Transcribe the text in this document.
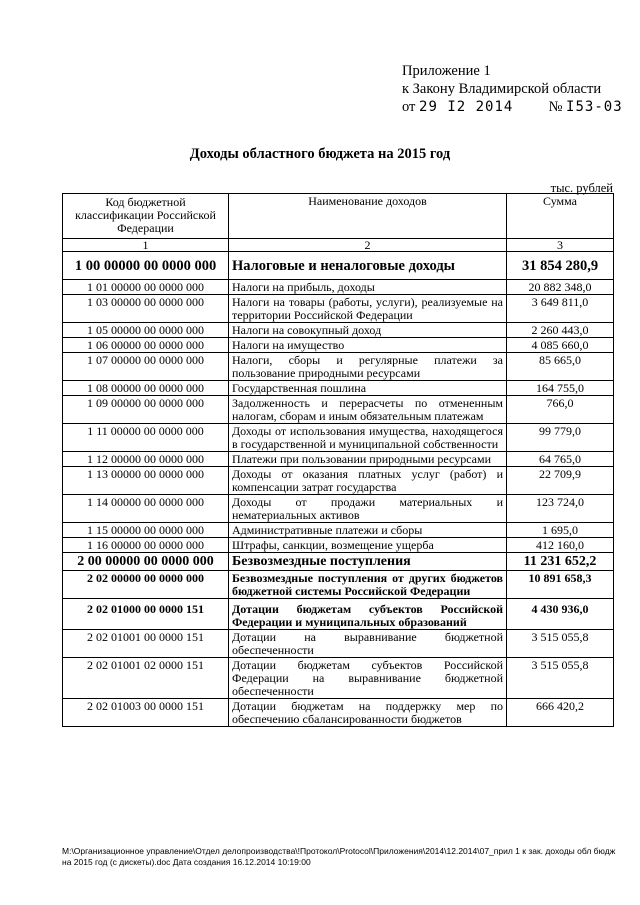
Приложение 1
к Закону Владимирской области
от 29 I2 2014 № I53-03
Доходы областного бюджета на 2015 год
тыс. рублей
Код бюджетной классификации Российской Федерации	Наименование доходов	Сумма
1	2	3
1 00 00000 00 0000 000	Налоговые и неналоговые доходы	31 854 280,9
1 01 00000 00 0000 000	Налоги на прибыль, доходы	20 882 348,0
1 03 00000 00 0000 000	Налоги на товары (работы, услуги), реализуемые на территории Российской Федерации	3 649 811,0
1 05 00000 00 0000 000	Налоги на совокупный доход	2 260 443,0
1 06 00000 00 0000 000	Налоги на имущество	4 085 660,0
1 07 00000 00 0000 000	Налоги, сборы и регулярные платежи за пользование природными ресурсами	85 665,0
1 08 00000 00 0000 000	Государственная пошлина	164 755,0
1 09 00000 00 0000 000	Задолженность и перерасчеты по отмененным налогам, сборам и иным обязательным платежам	766,0
1 11 00000 00 0000 000	Доходы от использования имущества, находящегося в государственной и муниципальной собственности	99 779,0
1 12 00000 00 0000 000	Платежи при пользовании природными ресурсами	64 765,0
1 13 00000 00 0000 000	Доходы от оказания платных услуг (работ) и компенсации затрат государства	22 709,9
1 14 00000 00 0000 000	Доходы от продажи материальных и нематериальных активов	123 724,0
1 15 00000 00 0000 000	Административные платежи и сборы	1 695,0
1 16 00000 00 0000 000	Штрафы, санкции, возмещение ущерба	412 160,0
2 00 00000 00 0000 000	Безвозмездные поступления	11 231 652,2
2 02 00000 00 0000 000	Безвозмездные поступления от других бюджетов бюджетной системы Российской Федерации	10 891 658,3
2 02 01000 00 0000 151	Дотации бюджетам субъектов Российской Федерации и муниципальных образований	4 430 936,0
2 02 01001 00 0000 151	Дотации на выравнивание бюджетной обеспеченности	3 515 055,8
2 02 01001 02 0000 151	Дотации бюджетам субъектов Российской Федерации на выравнивание бюджетной обеспеченности	3 515 055,8
2 02 01003 00 0000 151	Дотации бюджетам на поддержку мер по обеспечению сбалансированности бюджетов	666 420,2
M:\Организационное управление\Отдел делопроизводства\!Протокол\Protocol\Приложения\2014\12.2014\07_прил 1 к зак. доходы обл бюдж на 2015 год (с дискеты).doc Дата создания 16.12.2014 10:19:00
